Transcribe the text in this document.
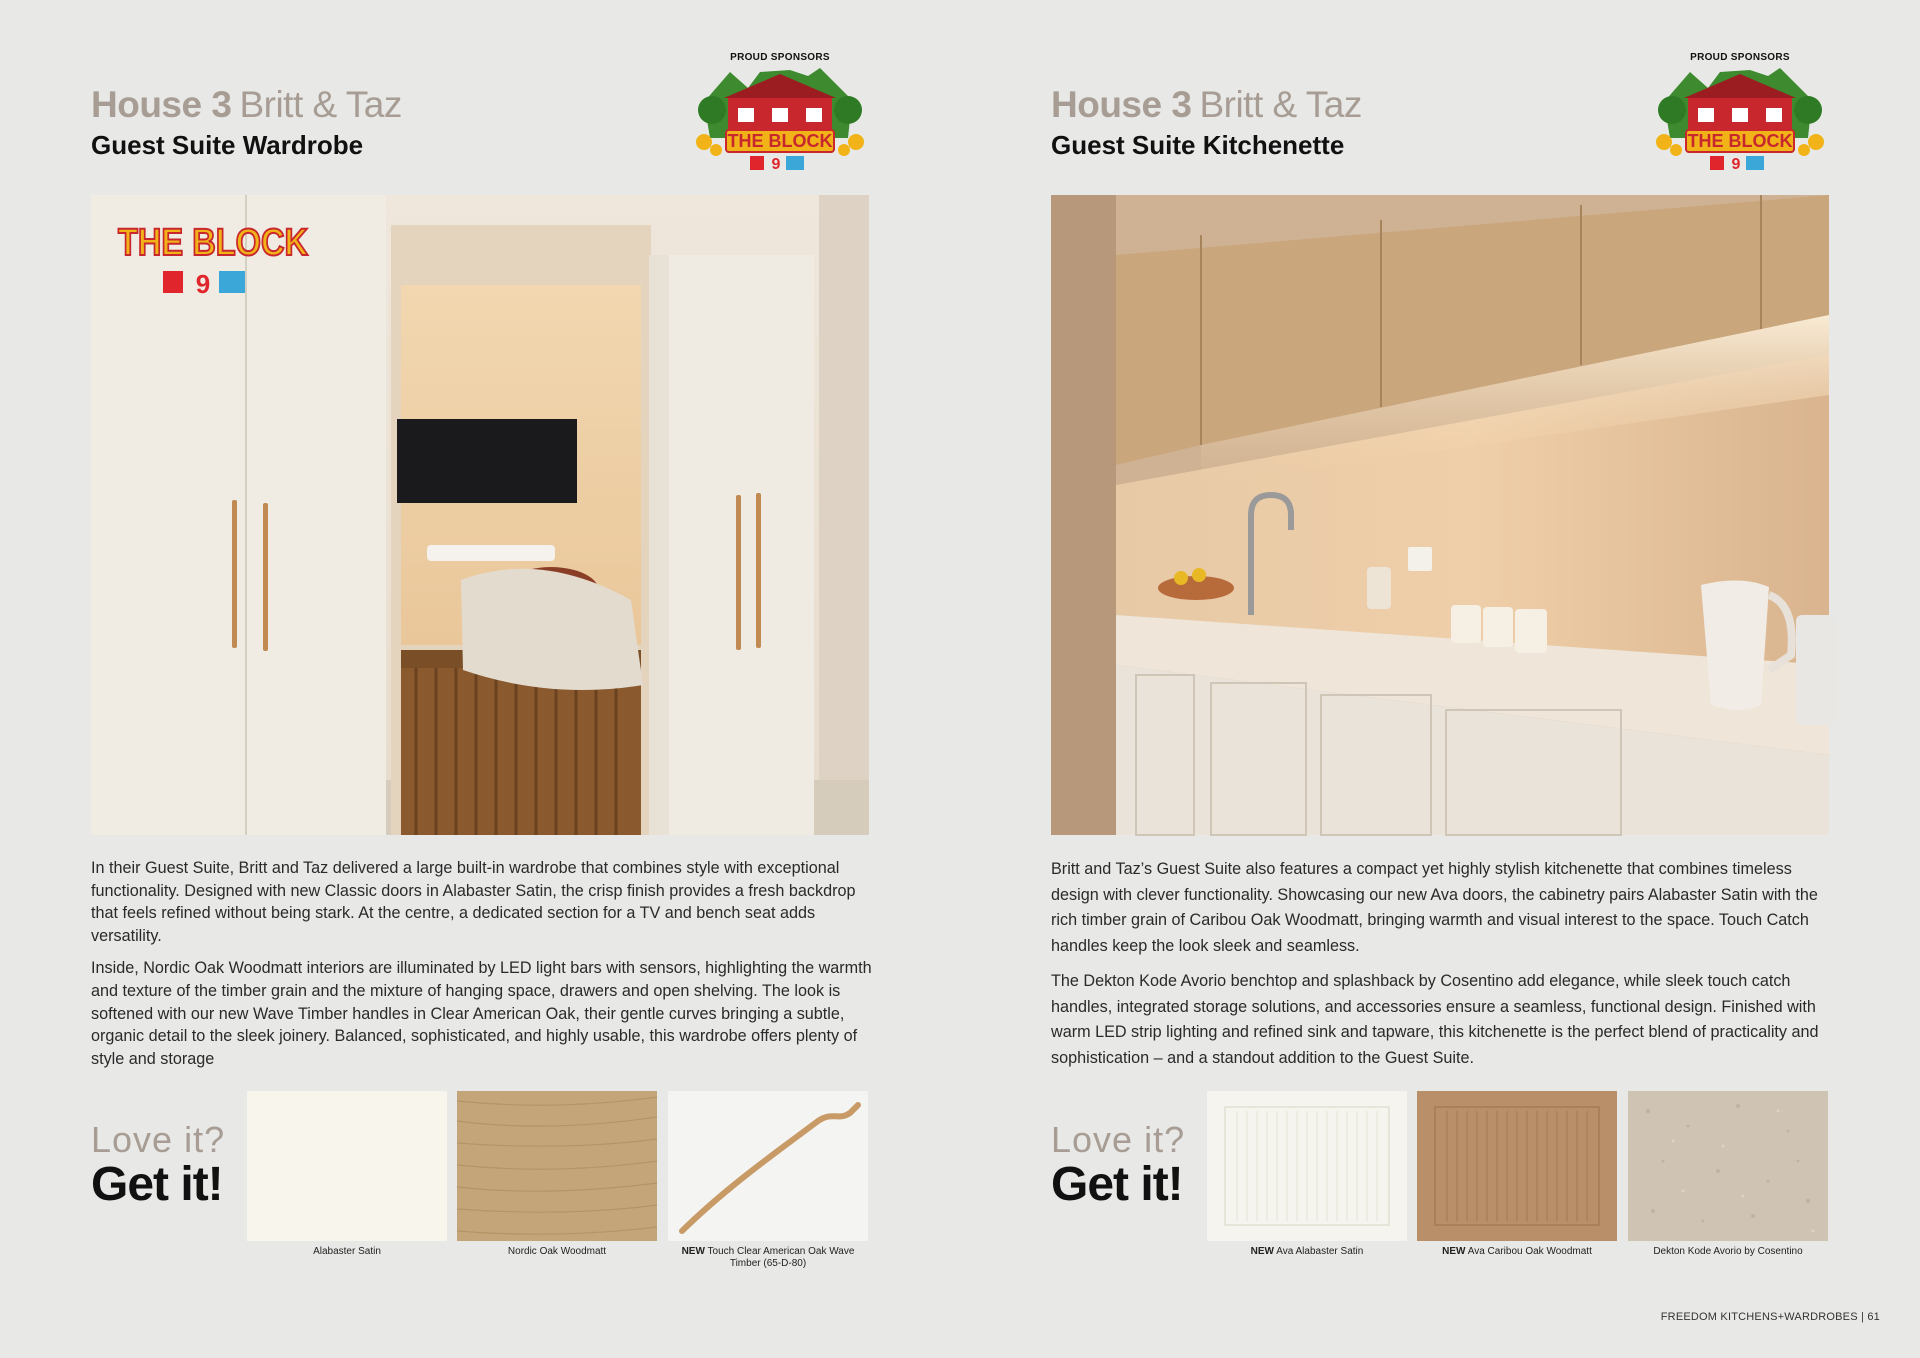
House 3 Britt & Taz
Guest Suite Wardrobe
PROUD SPONSORS
THE BLOCK
9
THE BLOCK
9

In their Guest Suite, Britt and Taz delivered a large built-in wardrobe that combines style with exceptional functionality. Designed with new Classic doors in Alabaster Satin, the crisp finish provides a fresh backdrop that feels refined without being stark. At the centre, a dedicated section for a TV and bench seat adds versatility.

Inside, Nordic Oak Woodmatt interiors are illuminated by LED light bars with sensors, highlighting the warmth and texture of the timber grain and the mixture of hanging space, drawers and open shelving. The look is softened with our new Wave Timber handles in Clear American Oak, their gentle curves bringing a subtle, organic detail to the sleek joinery. Balanced, sophisticated, and highly usable, this wardrobe offers plenty of style and storage

Love it?
Get it!
Alabaster Satin	Nordic Oak Woodmatt	NEW Touch Clear American Oak Wave Timber (65-D-80)
House 3 Britt & Taz
Guest Suite Kitchenette
PROUD SPONSORS
THE BLOCK
9

Britt and Taz’s Guest Suite also features a compact yet highly stylish kitchenette that combines timeless design with clever functionality. Showcasing our new Ava doors, the cabinetry pairs Alabaster Satin with the rich timber grain of Caribou Oak Woodmatt, bringing warmth and visual interest to the space. Touch Catch handles keep the look sleek and seamless.

The Dekton Kode Avorio benchtop and splashback by Cosentino add elegance, while sleek touch catch handles, integrated storage solutions, and accessories ensure a seamless, functional design. Finished with warm LED strip lighting and refined sink and tapware, this kitchenette is the perfect blend of practicality and sophistication – and a standout addition to the Guest Suite.

Love it?
Get it!
NEW Ava Alabaster Satin	NEW Ava Caribou Oak Woodmatt	Dekton Kode Avorio by Cosentino
FREEDOM KITCHENS+WARDROBES | 61
